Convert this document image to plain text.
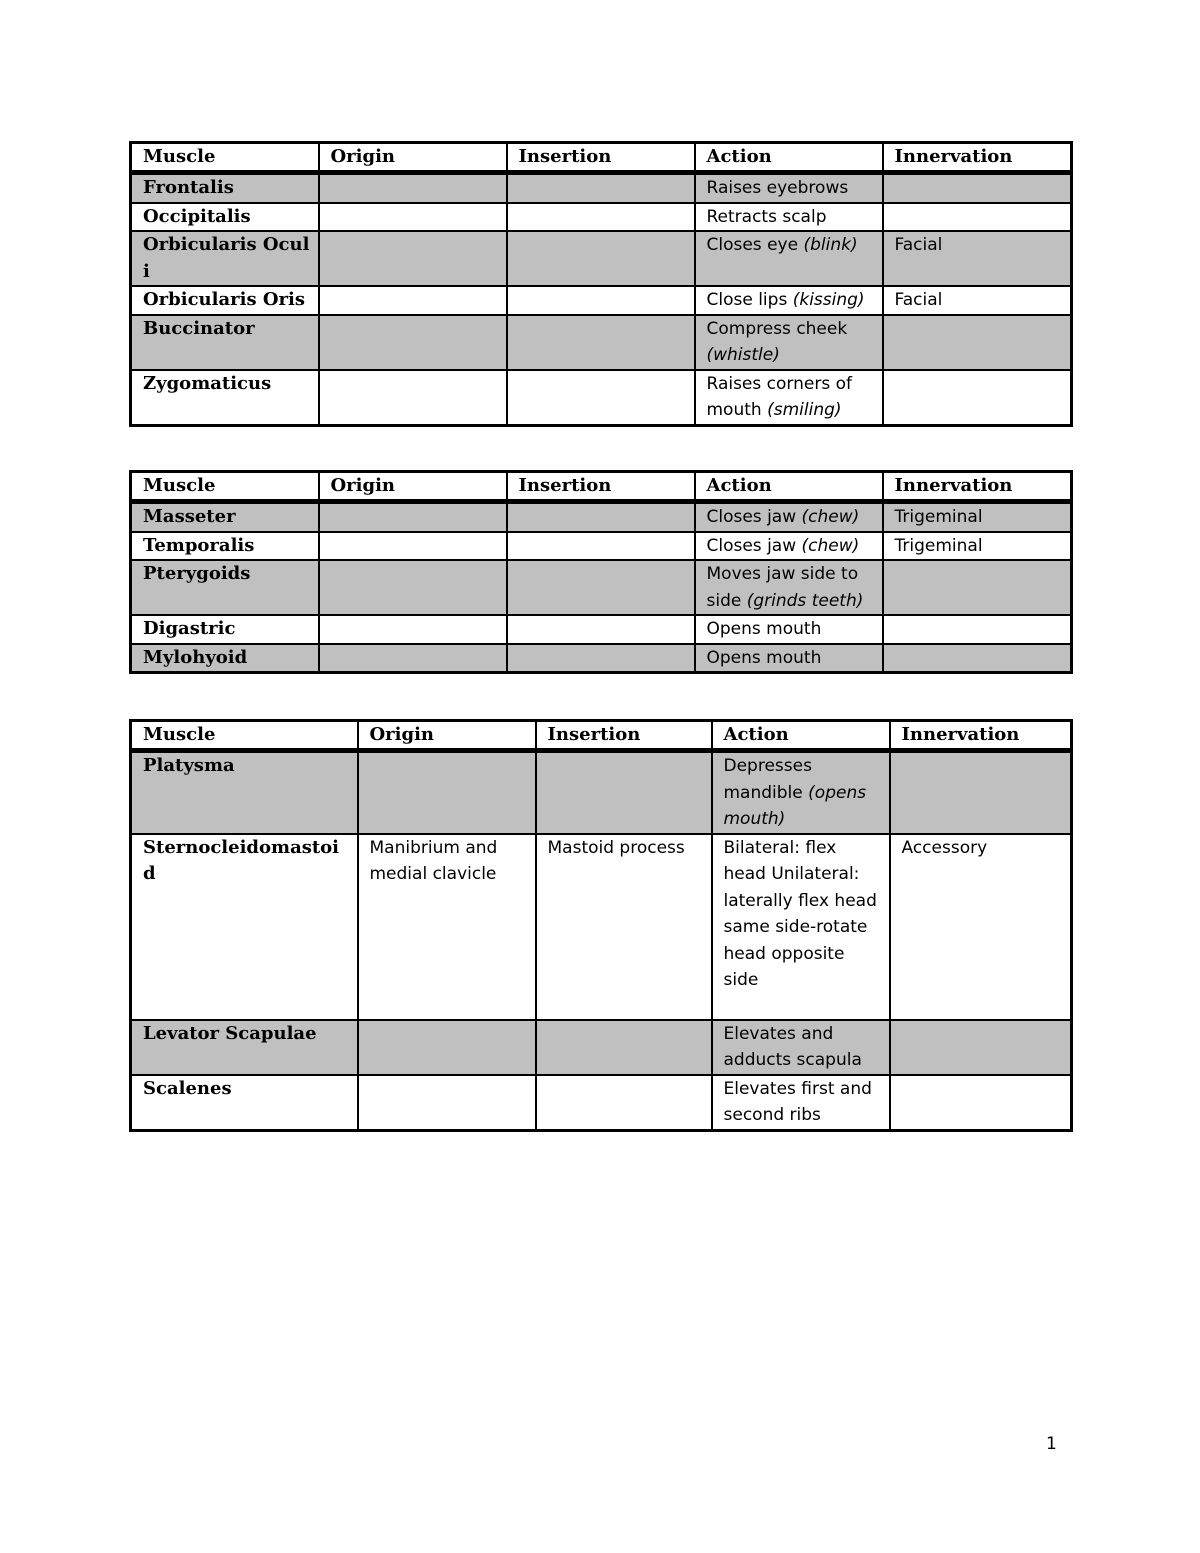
Muscle	Origin	Insertion	Action	Innervation
Frontalis			Raises eyebrows	
Occipitalis			Retracts scalp	
Orbicularis Oculi			Closes eye (blink)	Facial
Orbicularis Oris			Close lips (kissing)	Facial
Buccinator			Compress cheek (whistle)	
Zygomaticus			Raises corners of mouth (smiling)	
Muscle	Origin	Insertion	Action	Innervation
Masseter			Closes jaw (chew)	Trigeminal
Temporalis			Closes jaw (chew)	Trigeminal
Pterygoids			Moves jaw side to side (grinds teeth)	
Digastric			Opens mouth	
Mylohyoid			Opens mouth	
Muscle	Origin	Insertion	Action	Innervation
Platysma			Depresses mandible (opens mouth)	
Sternocleidomastoid	Manibrium and medial clavicle	Mastoid process	Bilateral: flex head Unilateral: laterally flex head same side-rotate head opposite side	Accessory
Levator Scapulae			Elevates and adducts scapula	
Scalenes			Elevates first and second ribs	
1
